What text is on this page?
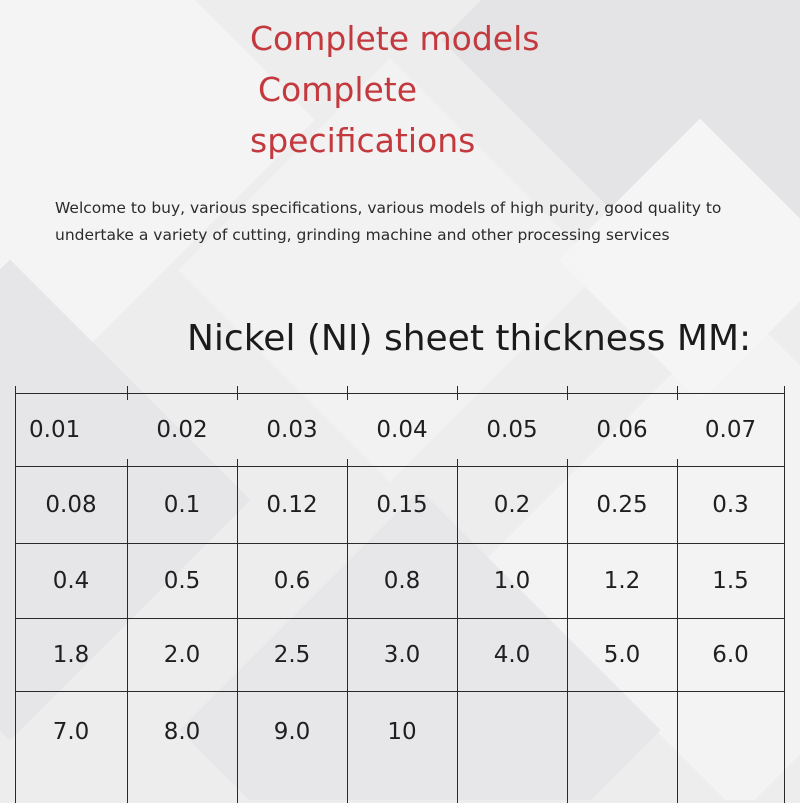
Complete models
Complete
specifications

Welcome to buy, various specifications, various models of high purity, good quality to undertake a variety of cutting, grinding machine and other processing services

Nickel (NI) sheet thickness MM:
0.01	0.02	0.03	0.04	0.05	0.06	0.07
0.08	0.1	0.12	0.15	0.2	0.25	0.3
0.4	0.5	0.6	0.8	1.0	1.2	1.5
1.8	2.0	2.5	3.0	4.0	5.0	6.0
7.0	8.0	9.0	10
